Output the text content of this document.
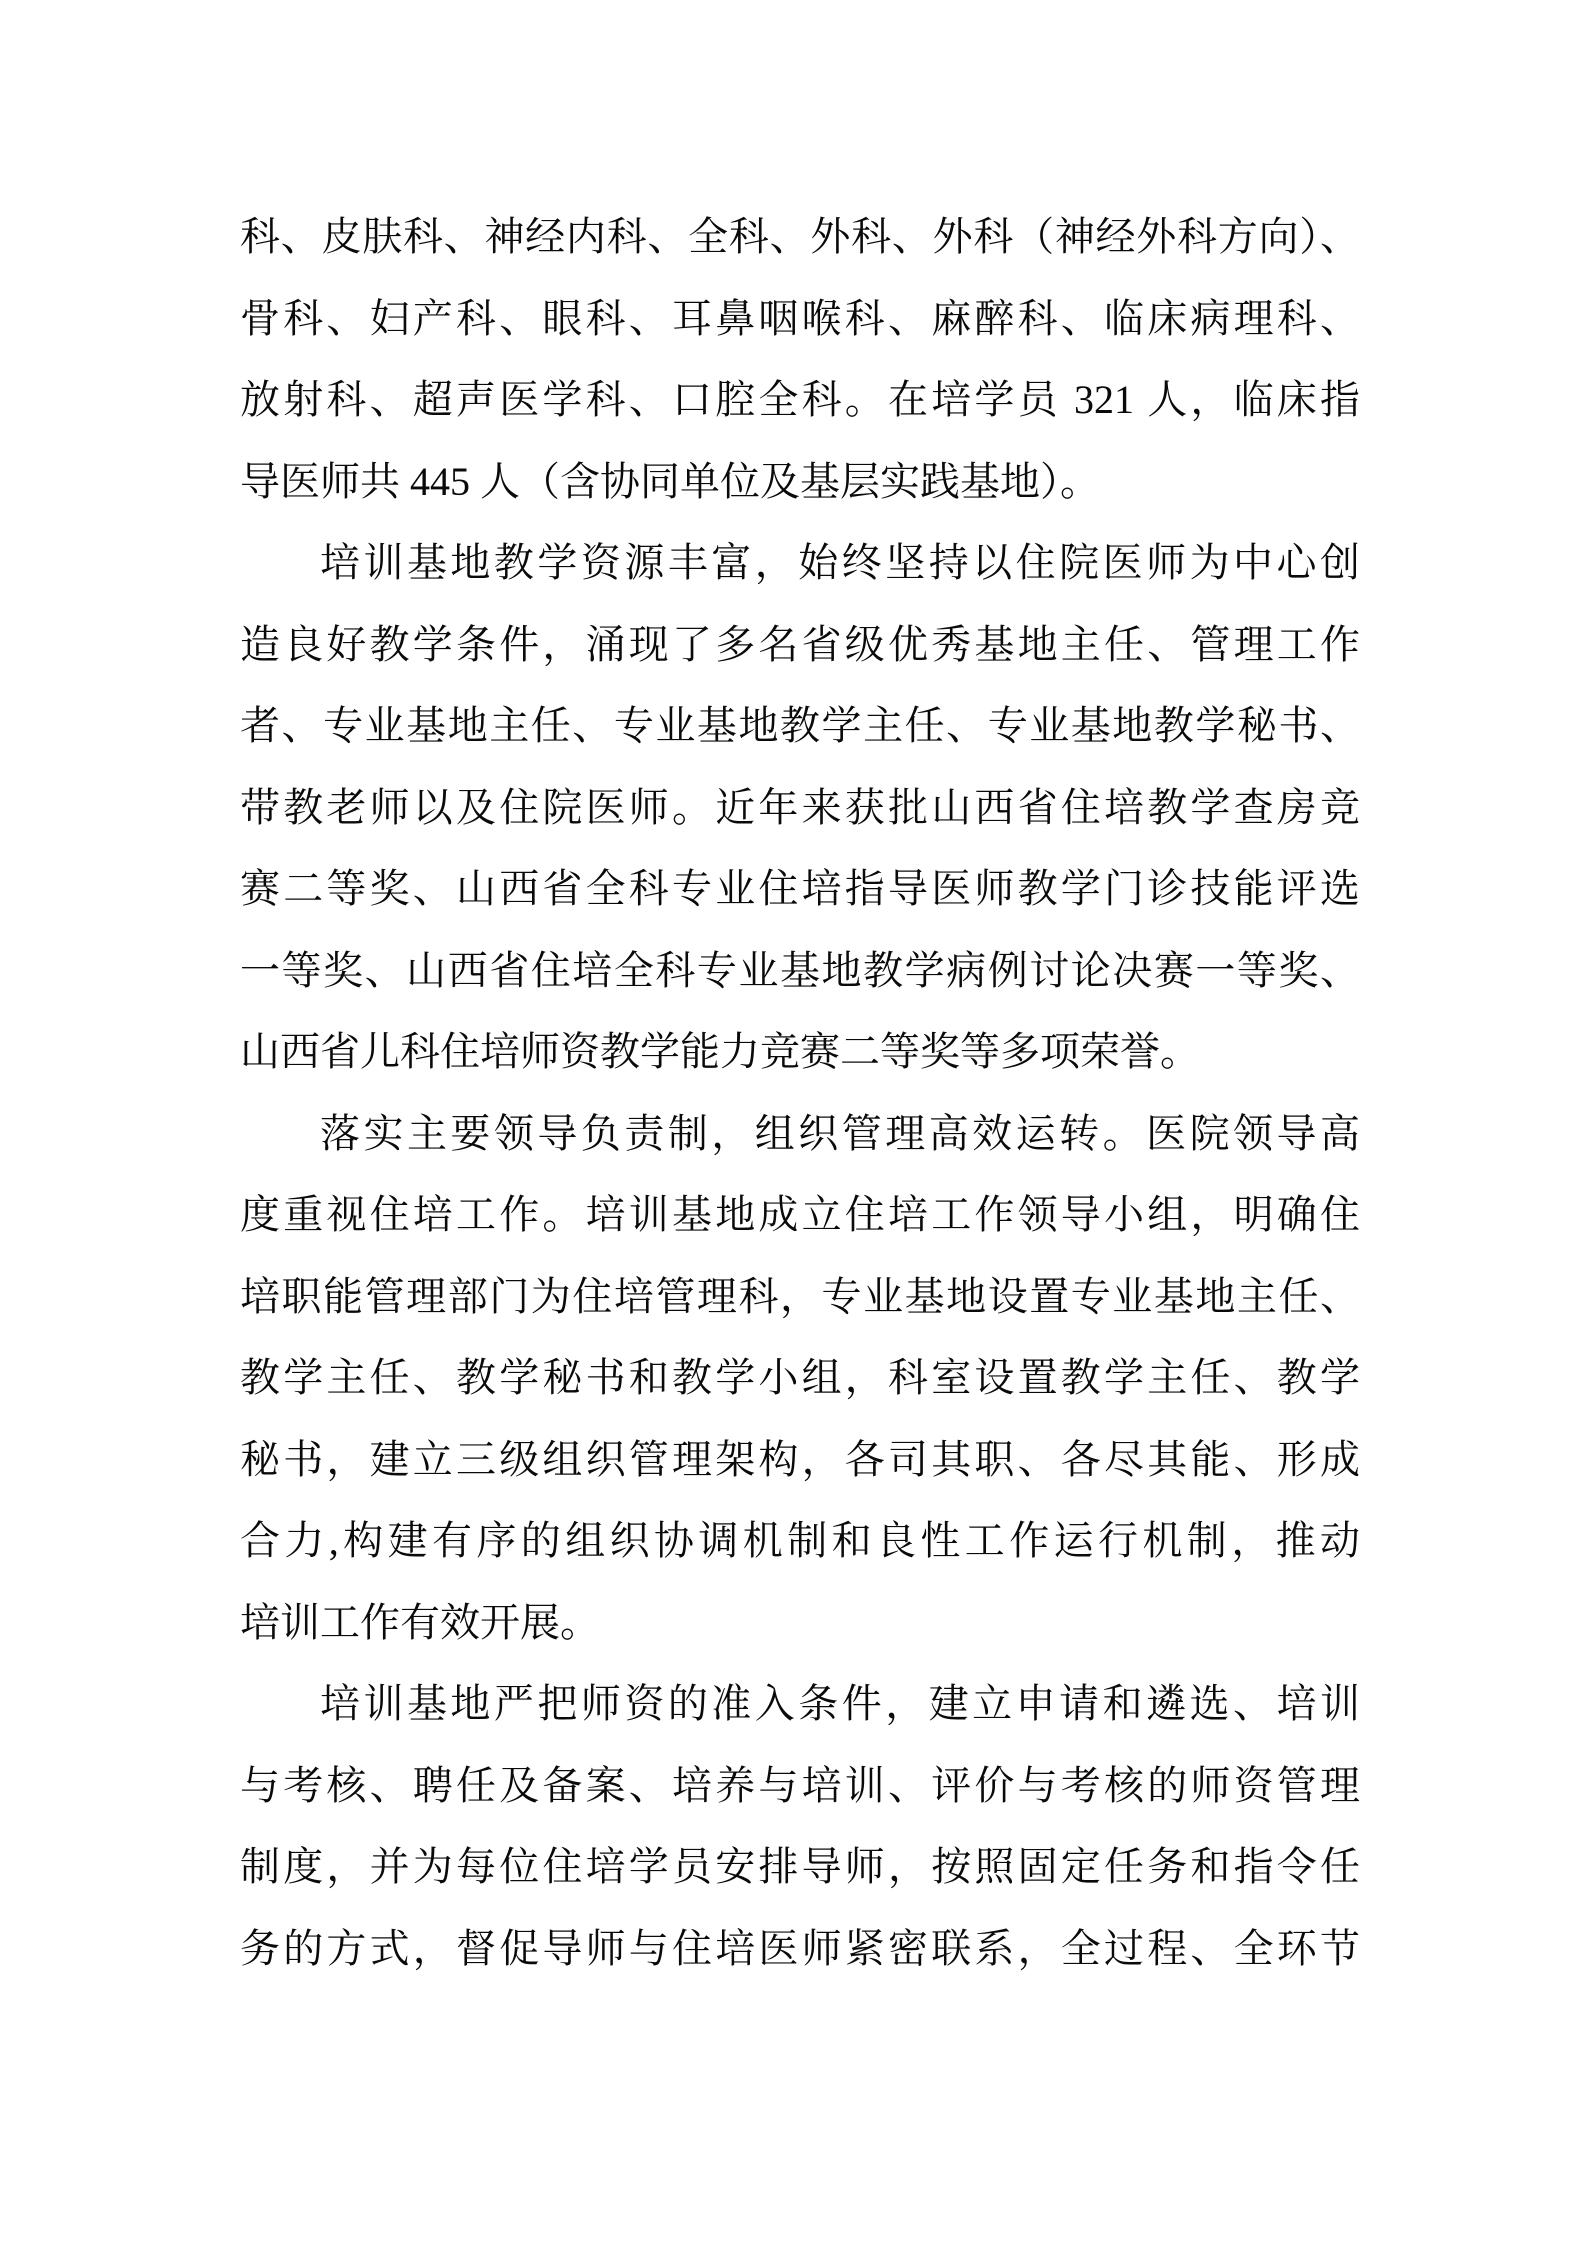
科、皮肤科、神经内科、全科、外科、外科（神经外科方向）、
骨科、妇产科、眼科、耳鼻咽喉科、麻醉科、临床病理科、
放射科、超声医学科、口腔全科。在培学员 321 人，临床指
导医师共 445 人（含协同单位及基层实践基地）。
培训基地教学资源丰富，始终坚持以住院医师为中心创
造良好教学条件，涌现了多名省级优秀基地主任、管理工作
者、专业基地主任、专业基地教学主任、专业基地教学秘书、
带教老师以及住院医师。近年来获批山西省住培教学查房竞
赛二等奖、山西省全科专业住培指导医师教学门诊技能评选
一等奖、山西省住培全科专业基地教学病例讨论决赛一等奖、
山西省儿科住培师资教学能力竞赛二等奖等多项荣誉。
落实主要领导负责制，组织管理高效运转。医院领导高
度重视住培工作。培训基地成立住培工作领导小组，明确住
培职能管理部门为住培管理科，专业基地设置专业基地主任、
教学主任、教学秘书和教学小组，科室设置教学主任、教学
秘书，建立三级组织管理架构，各司其职、各尽其能、形成
合力,构建有序的组织协调机制和良性工作运行机制，推动
培训工作有效开展。
培训基地严把师资的准入条件，建立申请和遴选、培训
与考核、聘任及备案、培养与培训、评价与考核的师资管理
制度，并为每位住培学员安排导师，按照固定任务和指令任
务的方式，督促导师与住培医师紧密联系，全过程、全环节
